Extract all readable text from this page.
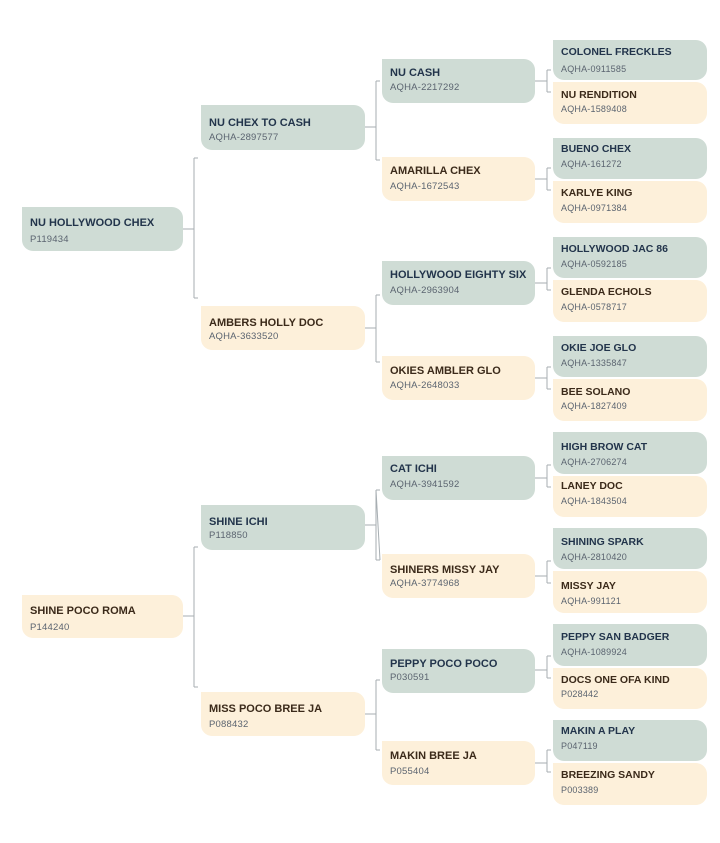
NU HOLLYWOOD CHEX
P119434
SHINE POCO ROMA
P144240
NU CHEX TO CASH
AQHA-2897577
AMBERS HOLLY DOC
AQHA-3633520
SHINE ICHI
P118850
MISS POCO BREE JA
P088432
NU CASH
AQHA-2217292
AMARILLA CHEX
AQHA-1672543
HOLLYWOOD EIGHTY SIX
AQHA-2963904
OKIES AMBLER GLO
AQHA-2648033
CAT ICHI
AQHA-3941592
SHINERS MISSY JAY
AQHA-3774968
PEPPY POCO POCO
P030591
MAKIN BREE JA
P055404
COLONEL FRECKLES
AQHA-0911585
NU RENDITION
AQHA-1589408
BUENO CHEX
AQHA-161272
KARLYE KING
AQHA-0971384
HOLLYWOOD JAC 86
AQHA-0592185
GLENDA ECHOLS
AQHA-0578717
OKIE JOE GLO
AQHA-1335847
BEE SOLANO
AQHA-1827409
HIGH BROW CAT
AQHA-2706274
LANEY DOC
AQHA-1843504
SHINING SPARK
AQHA-2810420
MISSY JAY
AQHA-991121
PEPPY SAN BADGER
AQHA-1089924
DOCS ONE OFA KIND
P028442
MAKIN A PLAY
P047119
BREEZING SANDY
P003389
